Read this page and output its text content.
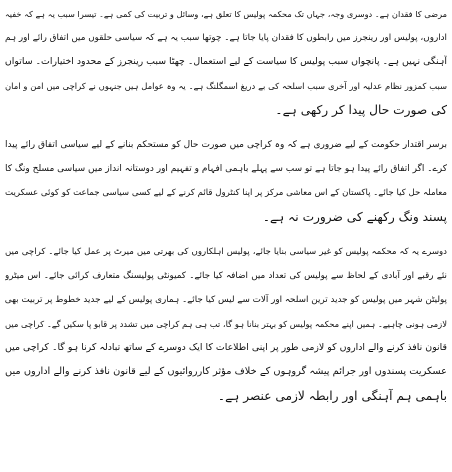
مرضی کا فقدان ہے۔ دوسری وجہ، جہاں تک محکمہ پولیس کا تعلق ہے، وسائل و تربیت کی کمی ہے۔ تیسرا سبب یہ ہے کہ خفیہ
اداروں، پولیس اور رینجرز میں رابطوں کا فقدان پایا جاتا ہے۔ چوتھا سبب یہ ہے کہ سیاسی حلقوں میں اتفاق رائے اور ہم
آہنگی نہیں ہے۔ پانچواں سبب پولیس کا سیاست کے لیے استعمال۔ چھٹا سبب رینجرز کے محدود اختیارات۔ ساتواں
سبب کمزور نظام عدلیہ اور آخری سبب اسلحہ کی بے دریغ اسمگلنگ ہے۔ یہ وہ عوامل ہیں جنہوں نے کراچی میں امن و امان
کی صورت حال پیدا کر رکھی ہے۔
برسر اقتدار حکومت کے لیے ضروری ہے کہ وہ کراچی میں صورت حال کو مستحکم بنانے کے لیے سیاسی اتفاق رائے پیدا
کرے۔ اگر اتفاق رائے پیدا ہو جاتا ہے تو سب سے پہلے باہمی افہام و تفہیم اور دوستانہ انداز میں سیاسی مسلح ونگ کا
معاملہ حل کیا جائے۔ پاکستان کے اس معاشی مرکز پر اپنا کنٹرول قائم کرنے کے لیے کسی سیاسی جماعت کو کوئی عسکریت
پسند ونگ رکھنے کی ضرورت نہ ہے۔
دوسرے یہ کہ محکمہ پولیس کو غیر سیاسی بنایا جائے، پولیس اہلکاروں کی بھرتی میں میرٹ پر عمل کیا جائے۔ کراچی میں
نئے رقبے اور آبادی کے لحاظ سے پولیس کی تعداد میں اضافہ کیا جائے۔ کمیونٹی پولیسنگ متعارف کرائی جائے۔ اس میٹرو
پولیٹن شہر میں پولیس کو جدید ترین اسلحہ اور آلات سے لیس کیا جائے۔ ہماری پولیس کے لیے جدید خطوط پر تربیت بھی
لازمی ہونی چاہیے۔ ہمیں اپنے محکمہ پولیس کو بہتر بنانا ہو گا، تب ہی ہم کراچی میں تشدد پر قابو پا سکیں گے۔ کراچی میں
قانون نافذ کرنے والے اداروں کو لازمی طور پر اپنی اطلاعات کا ایک دوسرے کے ساتھ تبادلہ کرنا ہو گا۔ کراچی میں
عسکریت پسندوں اور جرائم پیشہ گروہوں کے خلاف مؤثر کارروائیوں کے لیے قانون نافذ کرنے والے اداروں میں
باہمی ہم آہنگی اور رابطہ لازمی عنصر ہے۔
